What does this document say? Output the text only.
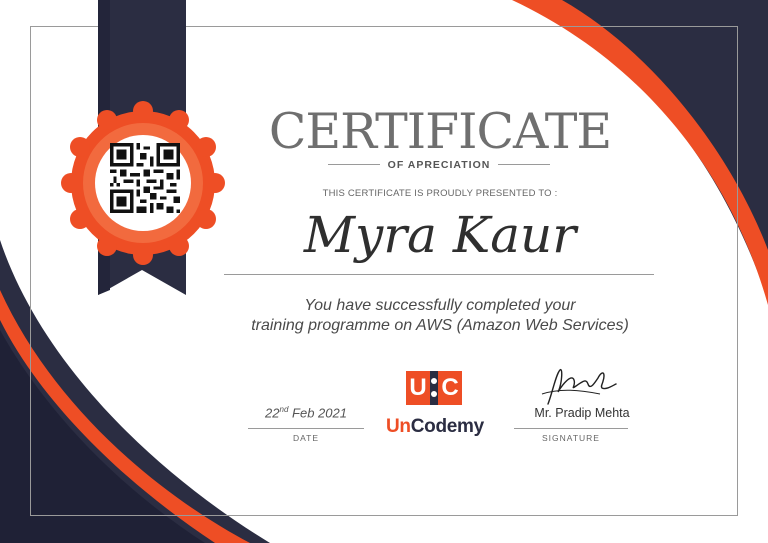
CERTIFICATE
OF APRECIATION
THIS CERTIFICATE IS PROUDLY PRESENTED TO :
Myra Kaur
You have successfully completed your
training programme on AWS (Amazon Web Services)
22nd Feb 2021
DATE
U C
UnCodemy
Mr. Pradip Mehta
SIGNATURE
